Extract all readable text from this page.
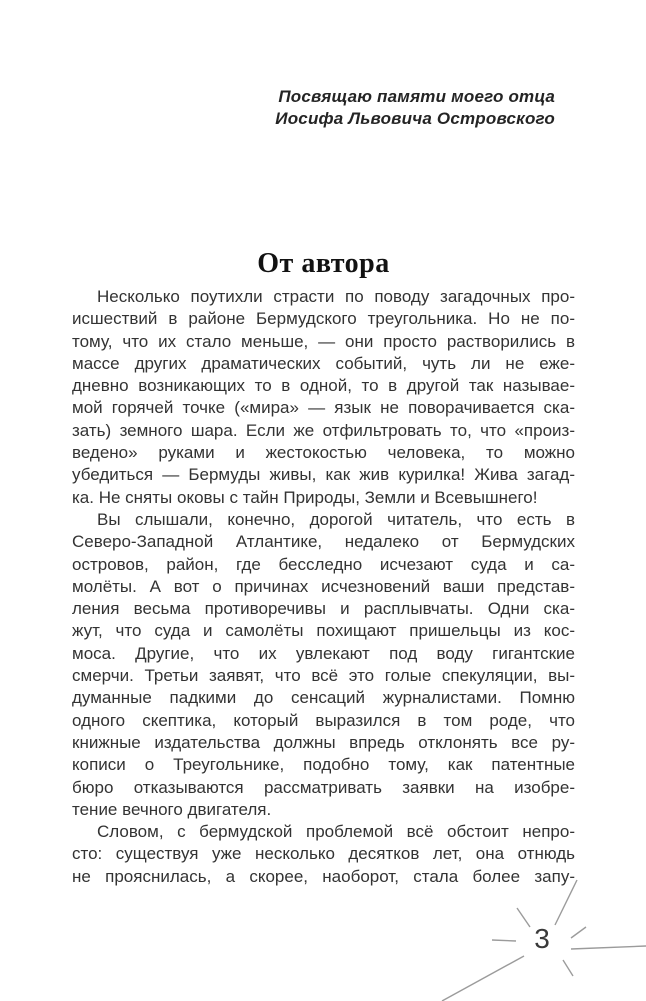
Посвящаю памяти моего отца
Иосифа Львовича Островского
От автора
Несколько поутихли страсти по поводу загадочных про-
исшествий в районе Бермудского треугольника. Но не по-
тому, что их стало меньше, — они просто растворились в
массе других драматических событий, чуть ли не еже-
дневно возникающих то в одной, то в другой так называе-
мой горячей точке («мира» — язык не поворачивается ска-
зать) земного шара. Если же отфильтровать то, что «произ-
ведено» руками и жестокостью человека, то можно
убедиться — Бермуды живы, как жив курилка! Жива загад-
ка. Не сняты оковы с тайн Природы, Земли и Всевышнего!
Вы слышали, конечно, дорогой читатель, что есть в
Северо-Западной Атлантике, недалеко от Бермудских
островов, район, где бесследно исчезают суда и са-
молёты. А вот о причинах исчезновений ваши представ-
ления весьма противоречивы и расплывчаты. Одни ска-
жут, что суда и самолёты похищают пришельцы из кос-
моса. Другие, что их увлекают под воду гигантские
смерчи. Третьи заявят, что всё это голые спекуляции, вы-
думанные падкими до сенсаций журналистами. Помню
одного скептика, который выразился в том роде, что
книжные издательства должны впредь отклонять все ру-
кописи о Треугольнике, подобно тому, как патентные
бюро отказываются рассматривать заявки на изобре-
тение вечного двигателя.
Словом, с бермудской проблемой всё обстоит непро-
сто: существуя уже несколько десятков лет, она отнюдь
не прояснилась, а скорее, наоборот, стала более запу-
3
